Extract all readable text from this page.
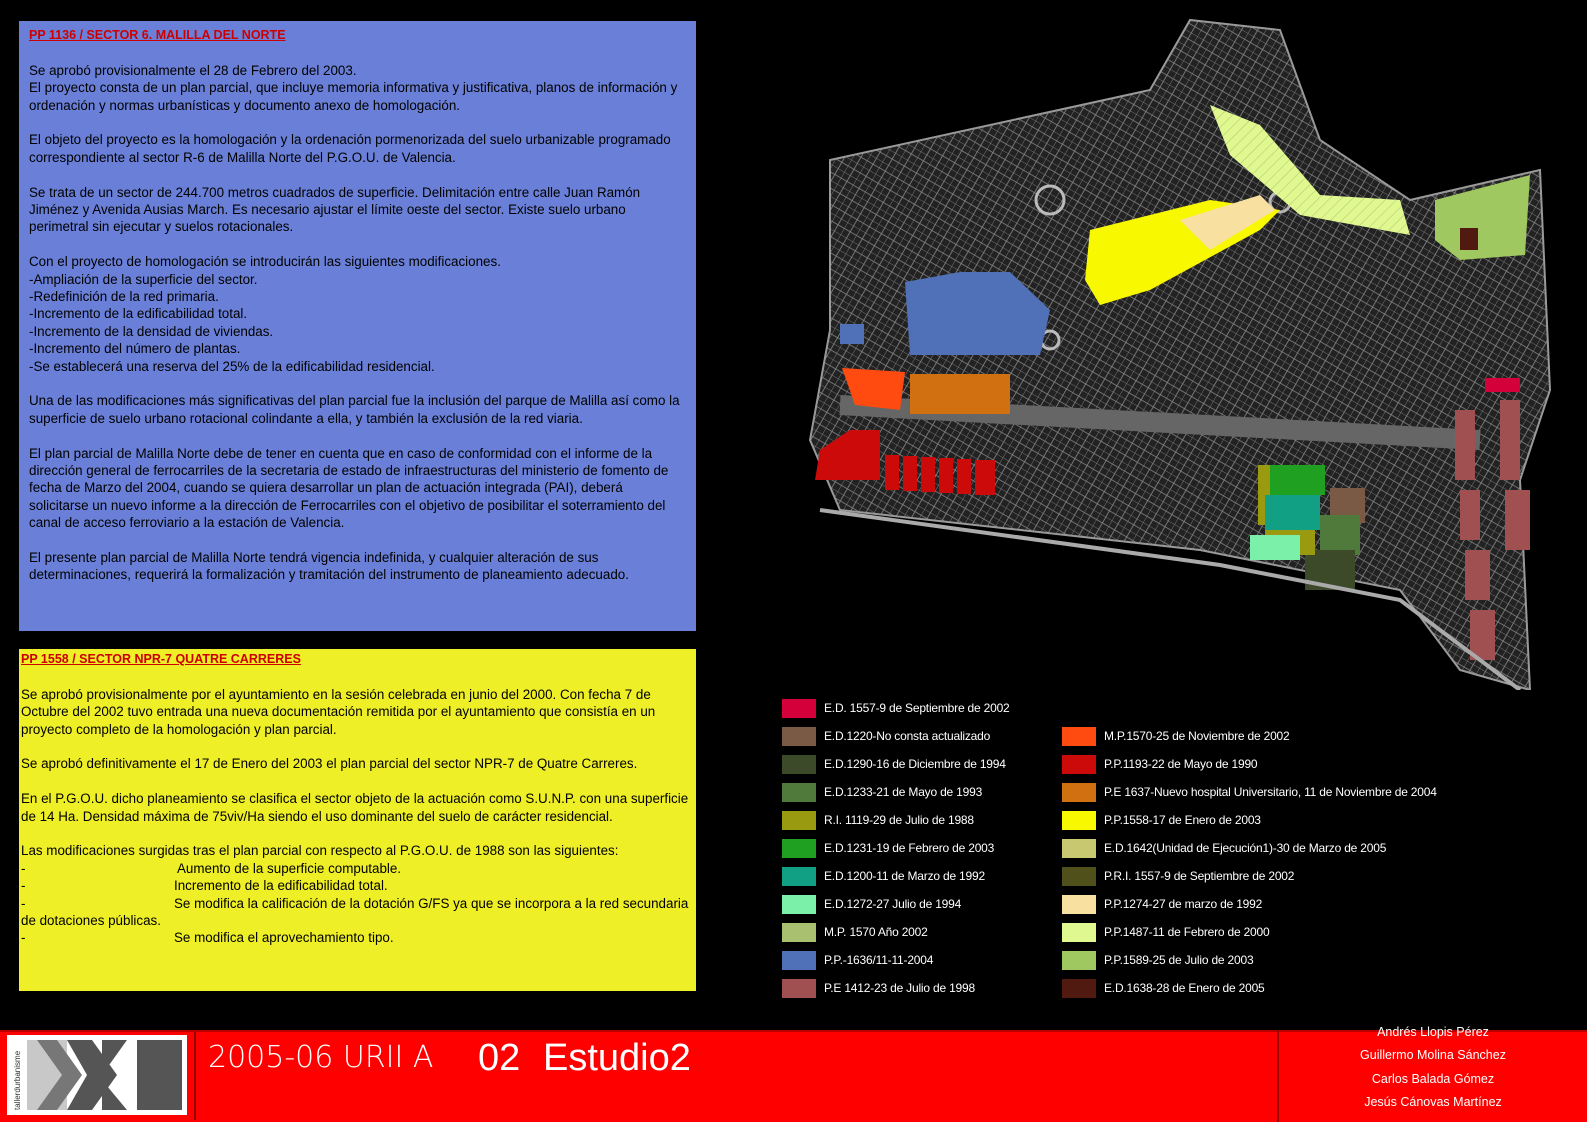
PP 1136 / SECTOR 6. MALILLA DEL NORTE

Se aprobó provisionalmente el 28 de Febrero del 2003.

El proyecto consta de un plan parcial, que incluye memoria informativa y justificativa, planos de información y ordenación y normas urbanísticas y documento anexo de homologación.

El objeto del proyecto es la homologación y la ordenación pormenorizada del suelo urbanizable programado correspondiente al sector R-6 de Malilla Norte del P.G.O.U. de Valencia.

Se trata de un sector de 244.700 metros cuadrados de superficie. Delimitación entre calle Juan Ramón Jiménez y Avenida Ausias March. Es necesario ajustar el límite oeste del sector. Existe suelo urbano perimetral sin ejecutar y suelos rotacionales.

Con el proyecto de homologación se introducirán las siguientes modificaciones.

-Ampliación de la superficie del sector.
-Redefinición de la red primaria.
-Incremento de la edificabilidad total.
-Incremento de la densidad de viviendas.
-Incremento del número de plantas.
-Se establecerá una reserva del 25% de la edificabilidad residencial.

Una de las modificaciones más significativas del plan parcial fue la inclusión del parque de Malilla así como la superficie de suelo urbano rotacional colindante a ella, y también la exclusión de la red viaria.

El plan parcial de Malilla Norte debe de tener en cuenta que en caso de conformidad con el informe de la dirección general de ferrocarriles de la secretaria de estado de infraestructuras del ministerio de fomento de fecha de Marzo del 2004, cuando se quiera desarrollar un plan de actuación integrada (PAI), deberá solicitarse un nuevo informe a la dirección de Ferrocarriles con el objetivo de posibilitar el soterramiento del canal de acceso ferroviario a la estación de Valencia.

El presente plan parcial de Malilla Norte tendrá vigencia indefinida, y cualquier alteración de sus determinaciones, requerirá la formalización y tramitación del instrumento de planeamiento adecuado.

PP 1558 / SECTOR NPR-7 QUATRE CARRERES

Se aprobó provisionalmente por el ayuntamiento en la sesión celebrada en junio del 2000. Con fecha 7 de Octubre del 2002 tuvo entrada una nueva documentación remitida por el ayuntamiento que consistía en un proyecto completo de la homologación y plan parcial.

Se aprobó definitivamente el 17 de Enero del 2003 el plan parcial del sector NPR-7 de Quatre Carreres.

En el P.G.O.U. dicho planeamiento se clasifica el sector objeto de la actuación como S.U.N.P. con una superficie de 14 Ha. Densidad máxima de 75viv/Ha siendo el uso dominante del suelo de carácter residencial.

Las modificaciones surgidas tras el plan parcial con respecto al P.G.O.U. de 1988 son las siguientes:

-	Aumento de la superficie computable.
-	Incremento de la edificabilidad total.
-	Se modifica la calificación de la dotación G/FS ya que se incorpora a la red secundaria de dotaciones públicas.
-	Se modifica el aprovechamiento tipo.
E.D. 1557-9 de Septiembre de 2002
E.D.1220-No consta actualizado
E.D.1290-16 de Diciembre de 1994
E.D.1233-21 de Mayo de 1993
R.I. 1119-29 de Julio de 1988
E.D.1231-19 de Febrero de 2003
E.D.1200-11 de Marzo de 1992
E.D.1272-27 Julio de 1994
M.P. 1570 Año 2002
P.P.-1636/11-11-2004
P.E 1412-23 de Julio de 1998
M.P.1570-25 de Noviembre de 2002
P.P.1193-22 de Mayo de 1990
P.E 1637-Nuevo hospital Universitario, 11 de Noviembre de 2004
P.P.1558-17 de Enero de 2003
E.D.1642(Unidad de Ejecución1)-30 de Marzo de 2005
P.R.I. 1557-9 de Septiembre de 2002
P.P.1274-27 de marzo de 1992
P.P.1487-11 de Febrero de 2000
P.P.1589-25 de Julio de 2003
E.D.1638-28 de Enero de 2005
tallerdurbanisme	2005-06 URII A 02 Estudio2
Andrés Llopis Pérez
Guillermo Molina Sánchez
Carlos Balada Gómez
Jesús Cánovas Martínez
